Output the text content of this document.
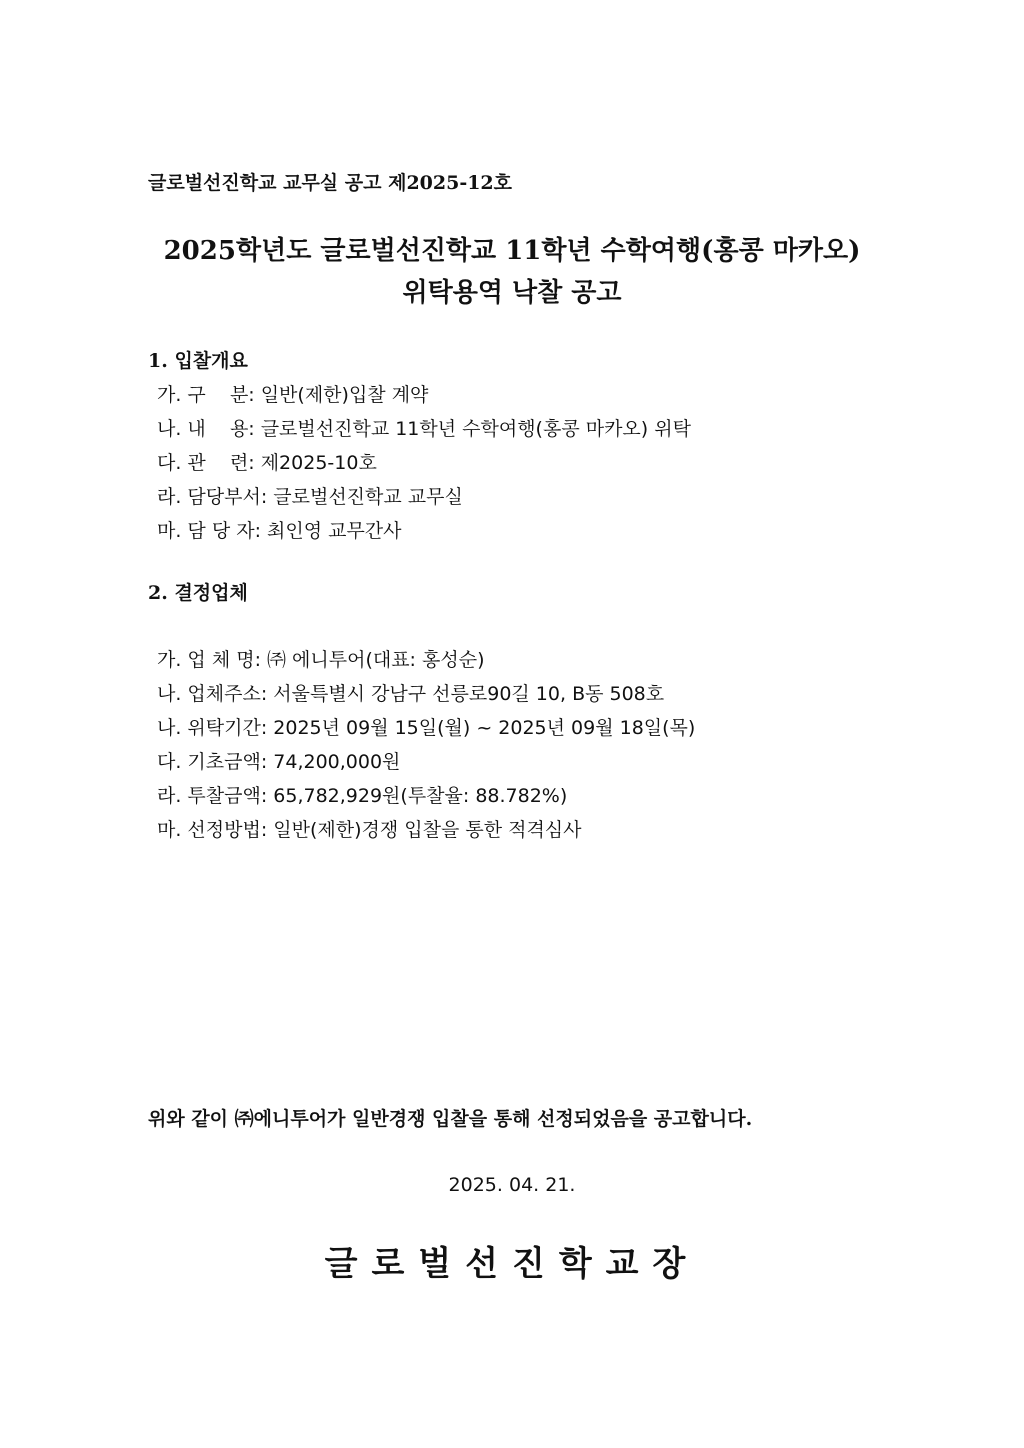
글로벌선진학교 교무실 공고 제2025-12호
2025학년도 글로벌선진학교 11학년 수학여행(홍콩 마카오)
위탁용역 낙찰 공고
1. 입찰개요
가. 구    분: 일반(제한)입찰 계약
나. 내    용: 글로벌선진학교 11학년 수학여행(홍콩 마카오) 위탁
다. 관    련: 제2025-10호
라. 담당부서: 글로벌선진학교 교무실
마. 담 당 자: 최인영 교무간사
2. 결정업체
가. 업 체 명: ㈜ 에니투어(대표: 홍성순)
나. 업체주소: 서울특별시 강남구 선릉로90길 10, B동 508호
나. 위탁기간: 2025년 09월 15일(월) ~ 2025년 09월 18일(목)
다. 기초금액: 74,200,000원
라. 투찰금액: 65,782,929원(투찰율: 88.782%)
마. 선정방법: 일반(제한)경쟁 입찰을 통한 적격심사
위와 같이 ㈜에니투어가 일반경쟁 입찰을 통해 선정되었음을 공고합니다.
2025. 04. 21.
글로벌선진학교장
